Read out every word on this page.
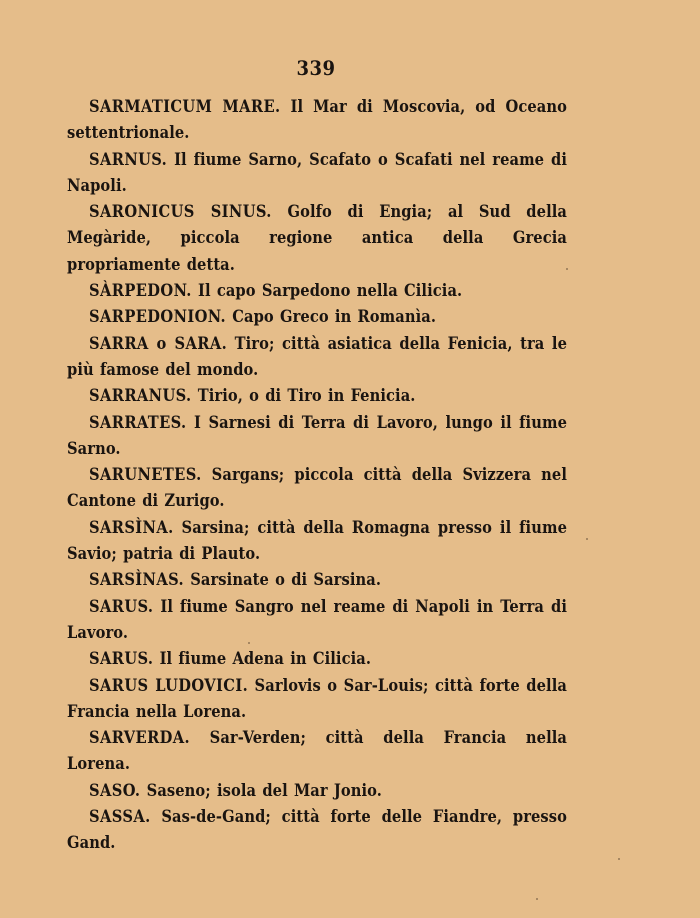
339
SARMATICUM MARE. Il Mar di Moscovia, od Oceano settentrionale.
SARNUS. Il fiume Sarno, Scafato o Scafati nel reame di Napoli.
SARONICUS SINUS. Golfo di Engia; al Sud della Megàride, piccola regione antica della Grecia propriamente detta.
SÀRPEDON. Il capo Sarpedono nella Cilicia.
SARPEDONION. Capo Greco in Romanìa.
SARRA o SARA. Tiro; città asiatica della Fenicia, tra le più famose del mondo.
SARRANUS. Tirio, o di Tiro in Fenicia.
SARRATES. I Sarnesi di Terra di Lavoro, lungo il fiume Sarno.
SARUNETES. Sargans; piccola città della Svizzera nel Cantone di Zurigo.
SARSÌNA. Sarsina; città della Romagna presso il fiume Savio; patria di Plauto.
SARSÌNAS. Sarsinate o di Sarsina.
SARUS. Il fiume Sangro nel reame di Napoli in Terra di Lavoro.
SARUS. Il fiume Adena in Cilicia.
SARUS LUDOVICI. Sarlovis o Sar-Louis; città forte della Francia nella Lorena.
SARVERDA. Sar-Verden; città della Francia nella Lorena.
SASO. Saseno; isola del Mar Jonio.
SASSA. Sas-de-Gand; città forte delle Fiandre, presso Gand.
